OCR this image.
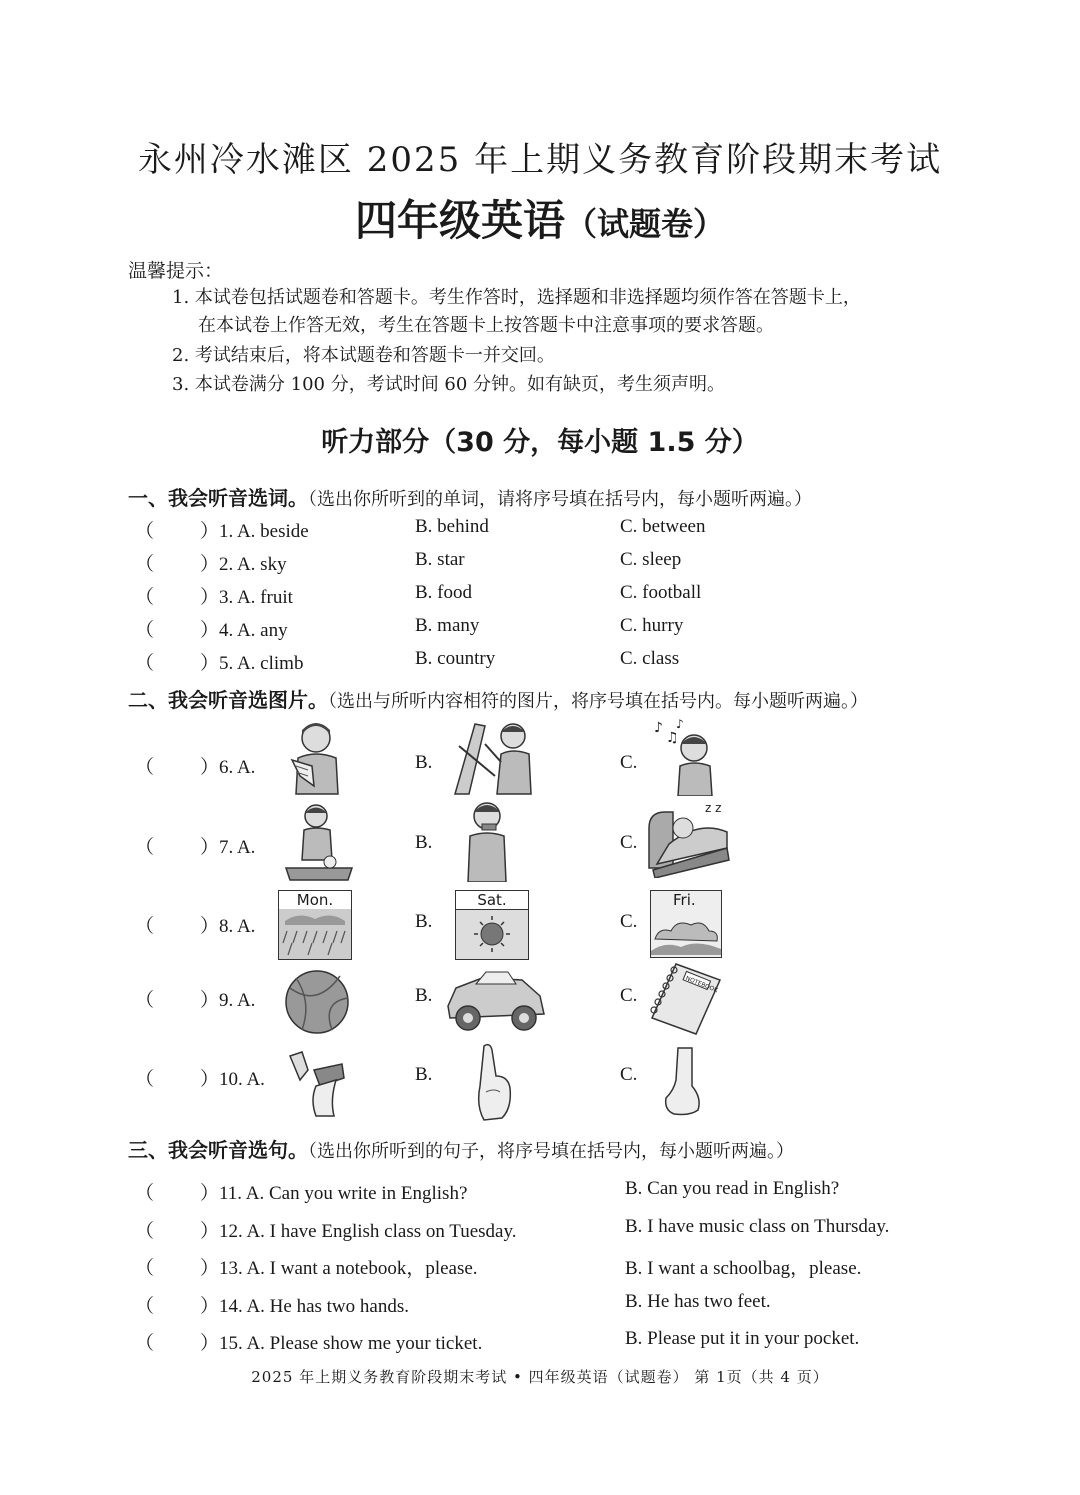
永州冷水滩区 2025 年上期义务教育阶段期末考试
四年级英语（试题卷）
温馨提示：
1. 本试卷包括试题卷和答题卡。考生作答时，选择题和非选择题均须作答在答题卡上，
在本试卷上作答无效，考生在答题卡上按答题卡中注意事项的要求答题。
2. 考试结束后，将本试题卷和答题卡一并交回。
3. 本试卷满分 100 分，考试时间 60 分钟。如有缺页，考生须声明。
听力部分（30 分，每小题 1.5 分）
一、我会听音选词。（选出你所听到的单词，请将序号填在括号内，每小题听两遍。）
（ ）1. A. beside	B. behind	C. between
（ ）2. A. sky	B. star	C. sleep
（ ）3. A. fruit	B. food	C. football
（ ）4. A. any	B. many	C. hurry
（ ）5. A. climb	B. country	C. class
二、我会听音选图片。（选出与所听内容相符的图片，将序号填在括号内。每小题听两遍。）
（ ）6. A.	B.	C.
♪
♫
♪
（ ）7. A.	B.	C.
z z
（ ）8. A.	B.	C.
Mon.	Sat.	Fri.
（ ）9. A.	B.	C.
NOTEBOOK
（ ）10. A.	B.	C.
三、我会听音选句。（选出你所听到的句子，将序号填在括号内，每小题听两遍。）
（ ）11. A. Can you write in English?	B. Can you read in English?
（ ）12. A. I have English class on Tuesday.	B. I have music class on Thursday.
（ ）13. A. I want a notebook，please.	B. I want a schoolbag，please.
（ ）14. A. He has two hands.	B. He has two feet.
（ ）15. A. Please show me your ticket.	B. Please put it in your pocket.
2025 年上期义务教育阶段期末考试 • 四年级英语（试题卷） 第 1页（共 4 页）
